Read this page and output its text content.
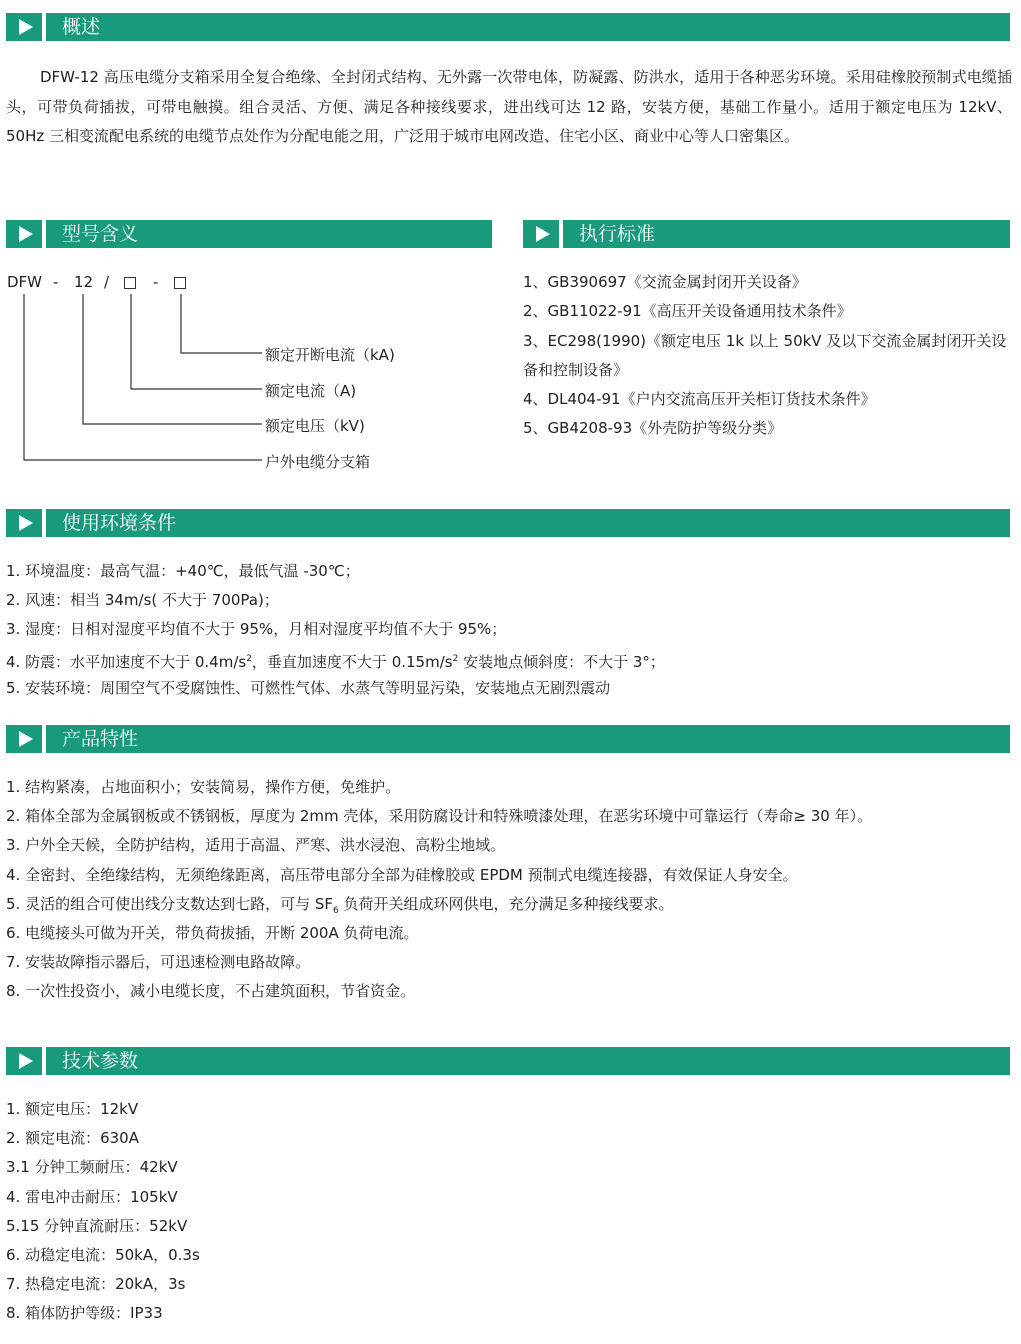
概述

DFW-12 高压电缆分支箱采用全复合绝缘、全封闭式结构、无外露一次带电体，防凝露、防洪水，适用于各种恶劣环境。采用硅橡胶预制式电缆插头，可带负荷插拔，可带电触摸。组合灵活、方便、满足各种接线要求，进出线可达 12 路，安装方便，基础工作量小。适用于额定电压为 12kV、50Hz 三相变流配电系统的电缆节点处作为分配电能之用，广泛用于城市电网改造、住宅小区、商业中心等人口密集区。

型号含义
DFW - 12 /	-
额定开断电流（kA)
额定电流（A)
额定电压（kV)
户外电缆分支箱
执行标准
1、GB390697《交流金属封闭开关设备》
2、GB11022-91《高压开关设备通用技术条件》
3、EC298(1990)《额定电压 1k 以上 50kV 及以下交流金属封闭开关设备和控制设备》
4、DL404-91《户内交流高压开关柜订货技术条件》
5、GB4208-93《外壳防护等级分类》
使用环境条件
1. 环境温度：最高气温：+40℃，最低气温 -30℃；
2. 风速：相当 34m/s( 不大于 700Pa)；
3. 湿度：日相对湿度平均值不大于 95%，月相对湿度平均值不大于 95%；
4. 防震：水平加速度不大于 $0.4m/s^2$，垂直加速度不大于 $0.15m/s^2$ 安装地点倾斜度：不大于 3°；
5. 安装环境：周围空气不受腐蚀性、可燃性气体、水蒸气等明显污染，安装地点无剧烈震动
产品特性
1. 结构紧凑，占地面积小；安装简易，操作方便，免维护。
2. 箱体全部为金属钢板或不锈钢板，厚度为 2mm 壳体，采用防腐设计和特殊喷漆处理，在恶劣环境中可靠运行（寿命≥ 30 年）。
3. 户外全天候，全防护结构，适用于高温、严寒、洪水浸泡、高粉尘地域。
4. 全密封、全绝缘结构，无须绝缘距离，高压带电部分全部为硅橡胶或 EPDM 预制式电缆连接器，有效保证人身安全。
5. 灵活的组合可使出线分支数达到七路，可与 $SF_6$ 负荷开关组成环网供电，充分满足多种接线要求。
6. 电缆接头可做为开关，带负荷拔插，开断 200A 负荷电流。
7. 安装故障指示器后，可迅速检测电路故障。
8. 一次性投资小，减小电缆长度，不占建筑面积，节省资金。
技术参数
1. 额定电压：12kV
2. 额定电流：630A
3.1 分钟工频耐压：42kV
4. 雷电冲击耐压：105kV
5.15 分钟直流耐压：52kV
6. 动稳定电流：50kA，0.3s
7. 热稳定电流：20kA，3s
8. 箱体防护等级：IP33
